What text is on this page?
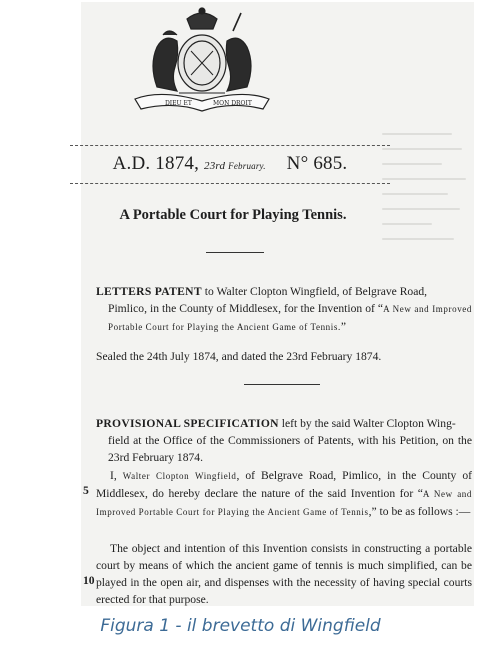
DIEU ET	MON DROIT
A.D. 1874, 23rd February. N° 685.
A Portable Court for Playing Tennis.
LETTERS PATENT to Walter Clopton Wingfield, of Belgrave Road,
Pimlico, in the County of Middlesex, for the Invention of “A New and Improved Portable Court for Playing the Ancient Game of Tennis.”
Sealed the 24th July 1874, and dated the 23rd February 1874.
PROVISIONAL SPECIFICATION left by the said Walter Clopton Wing-
field at the Office of the Commissioners of Patents, with his Petition, on the 23rd February 1874.
I, Walter Clopton Wingfield, of Belgrave Road, Pimlico, in the County of Middlesex, do hereby declare the nature of the said Invention for “A New and Improved Portable Court for Playing the Ancient Game of Tennis,” to be as follows :—
5
The object and intention of this Invention consists in constructing a portable court by means of which the ancient game of tennis is much simplified, can be played in the open air, and dispenses with the necessity of having special courts erected for that purpose.
10
Figura 1 - il brevetto di Wingfield
